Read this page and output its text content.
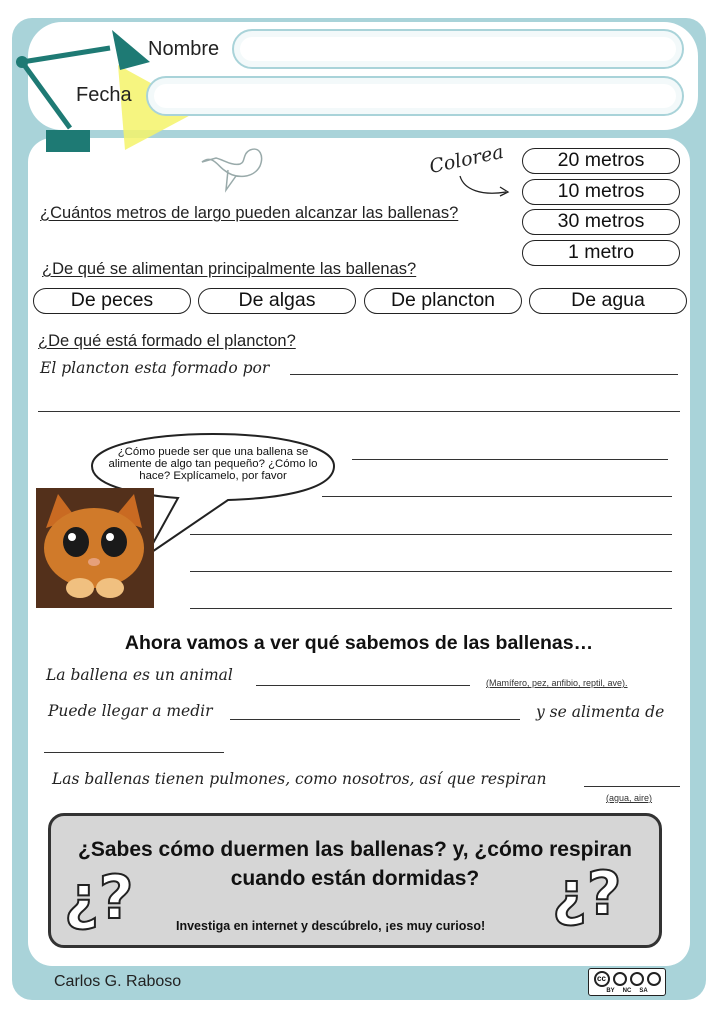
Nombre
Fecha
Colorea	20 metros
10 metros
30 metros
1 metro
¿Cuántos metros de largo pueden alcanzar las ballenas?
¿De qué se alimentan principalmente las ballenas?
De peces	De algas	De plancton	De agua
¿De qué está formado el plancton?
El plancton esta formado por
¿Cómo puede ser que una ballena se alimente de algo tan pequeño? ¿Cómo lo hace? Explícamelo, por favor
Ahora vamos a ver qué sabemos de las ballenas…
La ballena es un animal	(Mamífero, pez, anfibio, reptil, ave).
Puede llegar a medir	y se alimenta de
Las ballenas tienen pulmones, como nosotros, así que respiran
(agua, aire)
¿Sabes cómo duermen las ballenas? y, ¿cómo respiran cuando están dormidas?
¿?	¿?
Investiga en internet y descúbrelo, ¡es muy curioso!
Carlos G. Raboso	cc
BY NC SA
